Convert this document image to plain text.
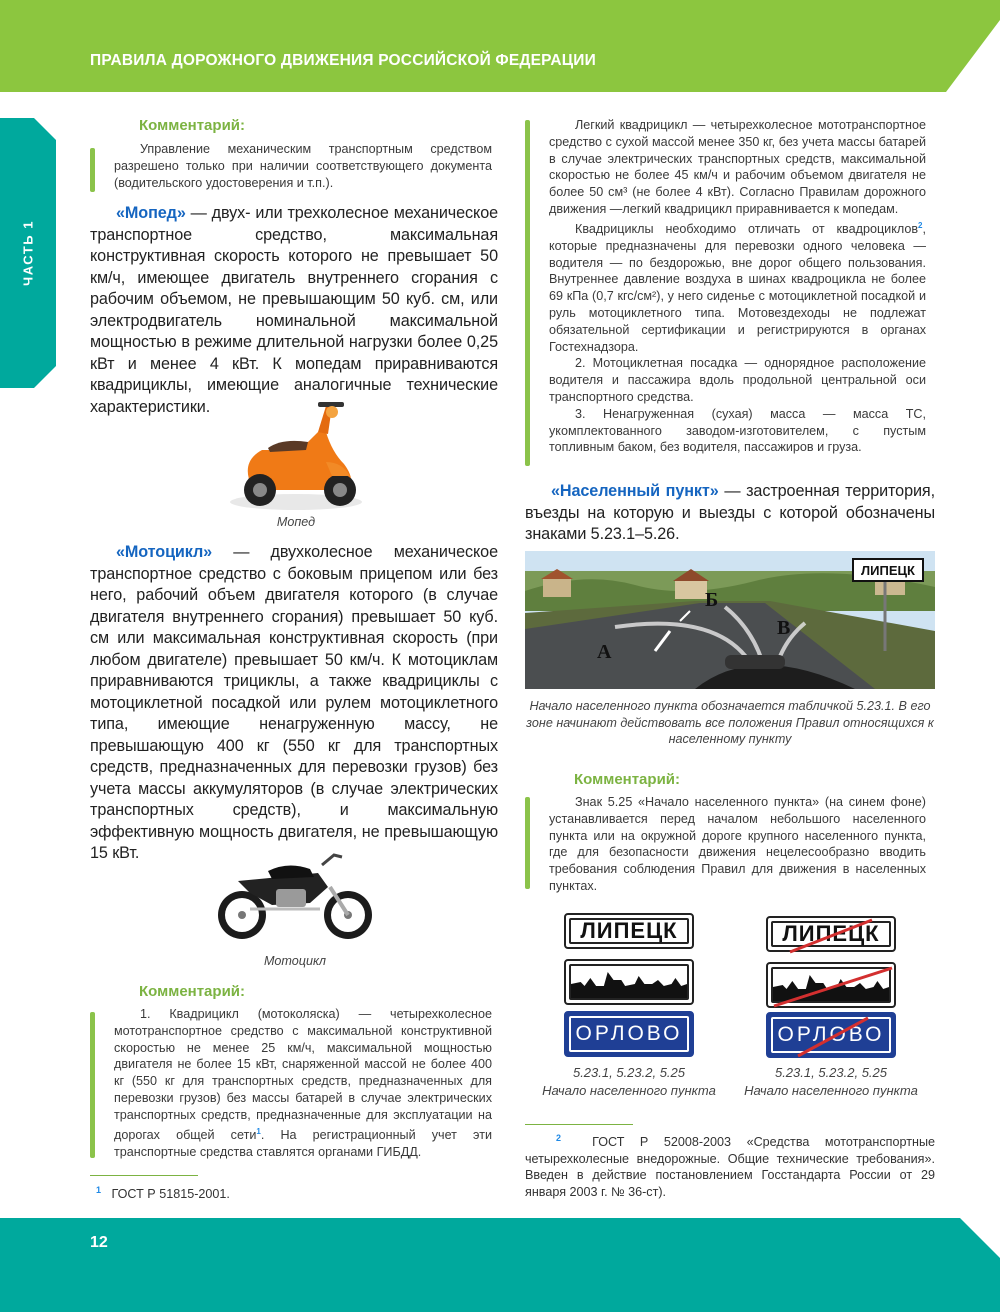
ПРАВИЛА ДОРОЖНОГО ДВИЖЕНИЯ РОССИЙСКОЙ ФЕДЕРАЦИИ
ЧАСТЬ 1
Комментарий:

Управление механическим транспортным средством разрешено только при наличии соответствующего документа (водительского удостоверения и т.п.).

«Мопед» — двух- или трехколесное механическое транспортное средство, максимальная конструктивная скорость которого не превышает 50 км/ч, имеющее двигатель внутреннего сгорания с рабочим объемом, не превышающим 50 куб. см, или электродвигатель номинальной максимальной мощностью в режиме длительной нагрузки более 0,25 кВт и менее 4 кВт. К мопедам приравниваются квадрициклы, имеющие аналогичные технические характеристики.

Мопед

«Мотоцикл» — двухколесное механическое транспортное средство с боковым прицепом или без него, рабочий объем двигателя которого (в случае двигателя внутреннего сгорания) превышает 50 куб. см или максимальная конструктивная скорость (при любом двигателе) превышает 50 км/ч. К мотоциклам приравниваются трициклы, а также квадрициклы с мотоциклетной посадкой или рулем мотоциклетного типа, имеющие ненагруженную массу, не превышающую 400 кг (550 кг для транспортных средств, предназначенных для перевозки грузов) без учета массы аккумуляторов (в случае электрических транспортных средств), и максимальную эффективную мощность двигателя, не превышающую 15 кВт.

Мотоцикл
Комментарий:

1. Квадрицикл (мотоколяска) — четырехколесное мототранспортное средство с максимальной конструктивной скоростью не менее 25 км/ч, максимальной мощностью двигателя не более 15 кВт, снаряженной массой не более 400 кг (550 кг для транспортных средств, предназначенных для перевозки грузов) без массы батарей в случае электрических транспортных средств, предназначенные для эксплуатации на дорогах общей сети$^1$. На регистрационный учет эти транспортные средства ставлятся органами ГИБДД.

$^1$ ГОСТ Р 51815-2001.

Легкий квадрицикл — четырехколесное мототранспортное средство с сухой массой менее 350 кг, без учета массы батарей в случае электрических транспортных средств, максимальной скоростью не более 45 км/ч и рабочим объемом двигателя не более 50 см³ (не более 4 кВт). Согласно Правилам дорожного движения —легкий квадрицикл приравнивается к мопедам.

Квадрициклы необходимо отличать от квадроциклов$^2$, которые предназначены для перевозки одного человека — водителя — по бездорожью, вне дорог общего пользования. Внутреннее давление воздуха в шинах квадроцикла не более 69 кПа (0,7 кгс/см²), у него сиденье с мотоциклетной посадкой и руль мотоциклетного типа. Мотовездеходы не подлежат обязательной сертификации и регистрируются в органах Гостехнадзора.

2. Мотоциклетная посадка — однорядное расположение водителя и пассажира вдоль продольной центральной оси транспортного средства.

3. Ненагруженная (сухая) масса — масса ТС, укомплектованного заводом-изготовителем, с пустым топливным баком, без водителя, пассажиров и груза.

«Населенный пункт» — застроенная территория, въезды на которую и выезды с которой обозначены знаками 5.23.1–5.26.

ЛИПЕЦК
А
Б
В
Начало населенного пункта обозначается табличкой 5.23.1. В его зоне начинают действовать все положения Правил относящихся к населенному пункту
Комментарий:

Знак 5.25 «Начало населенного пункта» (на синем фоне) устанавливается перед началом небольшого населенного пункта или на окружной дороге крупного населенного пункта, где для безопасности движения нецелесообразно вводить требования соблюдения Правил для движения в населенных пунктах.

ЛИПЕЦК
ОРЛОВО
5.23.1, 5.23.2, 5.25
Начало населенного пункта
ЛИПЕЦК
ОРЛОВО
5.23.1, 5.23.2, 5.25
Начало населенного пункта
$^2$ ГОСТ Р 52008-2003 «Средства мототранспортные четырехколесные внедорожные. Общие технические требования». Введен в действие постановлением Госстандарта России от 29 января 2003 г. № 36-ст).
12
